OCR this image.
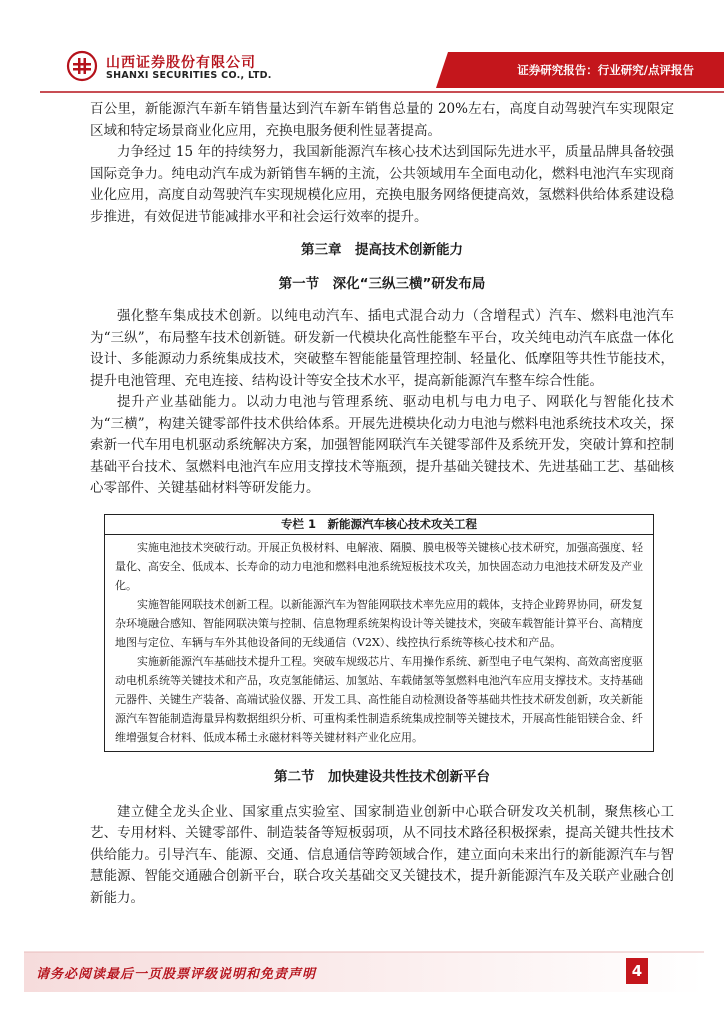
山西证券股份有限公司
SHANXI SECURITIES CO., LTD.	证券研究报告：行业研究/点评报告

百公里，新能源汽车新车销售量达到汽车新车销售总量的 20%左右，高度自动驾驶汽车实现限定区域和特定场景商业化应用，充换电服务便利性显著提高。

力争经过 15 年的持续努力，我国新能源汽车核心技术达到国际先进水平，质量品牌具备较强国际竞争力。纯电动汽车成为新销售车辆的主流，公共领域用车全面电动化，燃料电池汽车实现商业化应用，高度自动驾驶汽车实现规模化应用，充换电服务网络便捷高效，氢燃料供给体系建设稳步推进，有效促进节能减排水平和社会运行效率的提升。

第三章　提高技术创新能力
第一节　深化“三纵三横”研发布局

强化整车集成技术创新。以纯电动汽车、插电式混合动力（含增程式）汽车、燃料电池汽车为“三纵”，布局整车技术创新链。研发新一代模块化高性能整车平台，攻关纯电动汽车底盘一体化设计、多能源动力系统集成技术，突破整车智能能量管理控制、轻量化、低摩阻等共性节能技术，提升电池管理、充电连接、结构设计等安全技术水平，提高新能源汽车整车综合性能。

提升产业基础能力。以动力电池与管理系统、驱动电机与电力电子、网联化与智能化技术为“三横”，构建关键零部件技术供给体系。开展先进模块化动力电池与燃料电池系统技术攻关，探索新一代车用电机驱动系统解决方案，加强智能网联汽车关键零部件及系统开发，突破计算和控制基础平台技术、氢燃料电池汽车应用支撑技术等瓶颈，提升基础关键技术、先进基础工艺、基础核心零部件、关键基础材料等研发能力。

专栏 1　新能源汽车核心技术攻关工程

实施电池技术突破行动。开展正负极材料、电解液、隔膜、膜电极等关键核心技术研究，加强高强度、轻量化、高安全、低成本、长寿命的动力电池和燃料电池系统短板技术攻关，加快固态动力电池技术研发及产业化。

实施智能网联技术创新工程。以新能源汽车为智能网联技术率先应用的载体，支持企业跨界协同，研发复杂环境融合感知、智能网联决策与控制、信息物理系统架构设计等关键技术，突破车载智能计算平台、高精度地图与定位、车辆与车外其他设备间的无线通信（V2X）、线控执行系统等核心技术和产品。

实施新能源汽车基础技术提升工程。突破车规级芯片、车用操作系统、新型电子电气架构、高效高密度驱动电机系统等关键技术和产品，攻克氢能储运、加氢站、车载储氢等氢燃料电池汽车应用支撑技术。支持基础元器件、关键生产装备、高端试验仪器、开发工具、高性能自动检测设备等基础共性技术研发创新，攻关新能源汽车智能制造海量异构数据组织分析、可重构柔性制造系统集成控制等关键技术，开展高性能铝镁合金、纤维增强复合材料、低成本稀土永磁材料等关键材料产业化应用。

第二节　加快建设共性技术创新平台

建立健全龙头企业、国家重点实验室、国家制造业创新中心联合研发攻关机制，聚焦核心工艺、专用材料、关键零部件、制造装备等短板弱项，从不同技术路径积极探索，提高关键共性技术供给能力。引导汽车、能源、交通、信息通信等跨领域合作，建立面向未来出行的新能源汽车与智慧能源、智能交通融合创新平台，联合攻关基础交叉关键技术，提升新能源汽车及关联产业融合创新能力。

请务必阅读最后一页股票评级说明和免责声明	4
